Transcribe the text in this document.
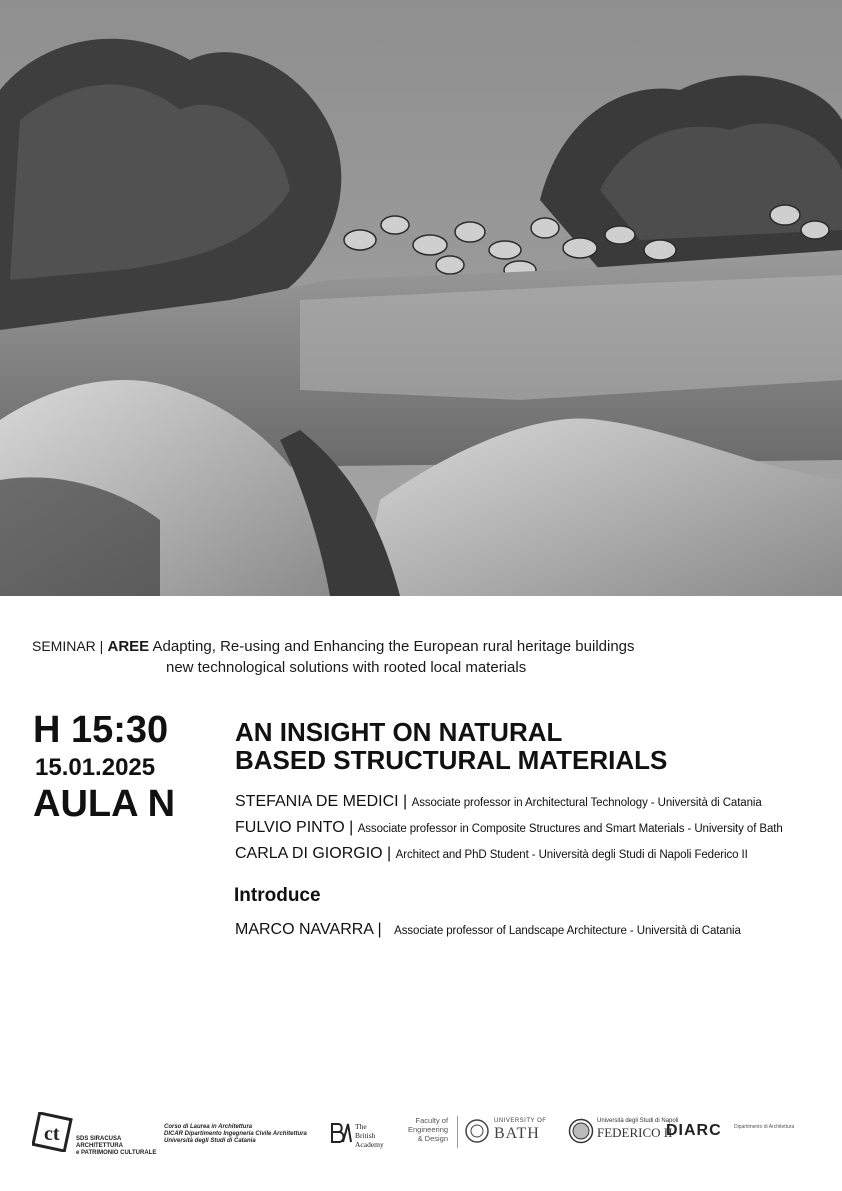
SEMINAR | AREE Adapting, Re-using and Enhancing the European rural heritage buildings
new technological solutions with rooted local materials
H 15:30
15.01.2025
AULA N
AN INSIGHT ON NATURAL
BASED STRUCTURAL MATERIALS
STEFANIA DE MEDICI | Associate professor in Architectural Technology - Università di Catania
FULVIO PINTO | Associate professor in Composite Structures and Smart Materials - University of Bath
CARLA DI GIORGIO | Architect and PhD Student - Università degli Studi di Napoli Federico II
Introduce
MARCO NAVARRA | Associate professor of Landscape Architecture - Università di Catania
ct	SDS SIRACUSA
ARCHITETTURA
e PATRIMONIO CULTURALE
Corso di Laurea in Architettura
DICAR Dipartimento Ingegneria Civile Architettura
Università degli Studi di Catania
The
British
Academy
Faculty of
Engineering
& Design
UNIVERSITY OF
BATH
Università degli Studi di Napoli
FEDERICO II
DIARC Dipartimento di Architettura
